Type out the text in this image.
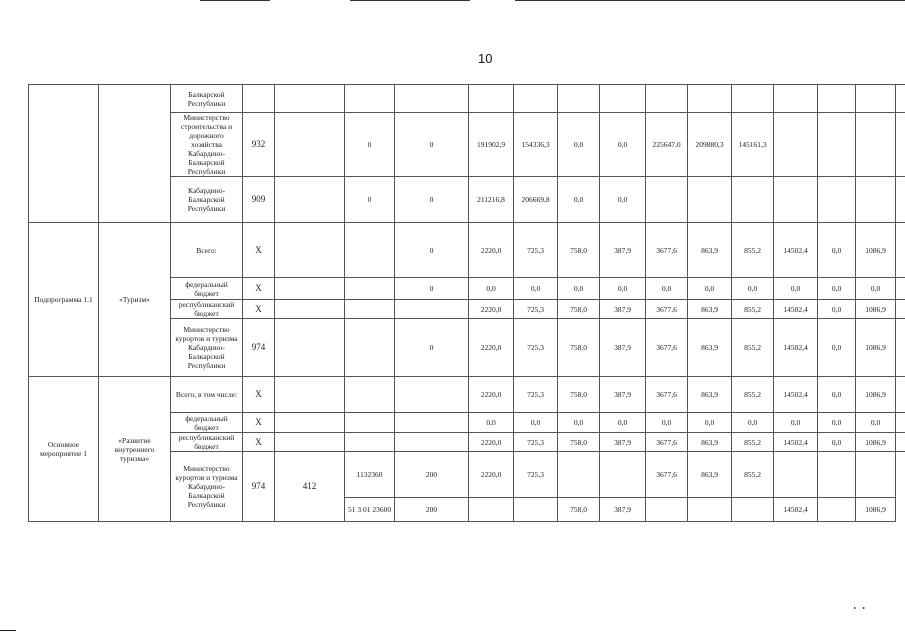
10
		Балкарской Республики															
		Министерство строительства и дорожного хозяйства Кабардино-Балкарской Республики	932		0	0	191902,9	154336,3	0,0	0,0	225647,0	209880,3	145161,3				
		Кабардино-Балкарской Республики	909		0	0	211216,8	206669,8	0,0	0,0							
Подпрограмма 1.1	«Туризм»	Всего:	X			0	2220,0	725,3	758,0	387,9	3677,6	863,9	855,2	14502,4	0,0	1086,9	
		федеральный бюджет	X			0	0,0	0,0	0,0	0,0	0,0	0,0	0,0	0,0	0,0	0,0	
		республиканский бюджет	X				2220,0	725,3	758,0	387,9	3677,6	863,9	855,2	14502,4	0,0	1086,9	
		Министерство курортов и туризма Кабардино-Балкарской Республики	974			0	2220,0	725,3	758,0	387,9	3677,6	863,9	855,2	14502,4	0,0	1086,9	
Основное мероприятие 1	«Развитие внутреннего туризма»	Всего, в том числе:	X				2220,0	725,3	758,0	387,9	3677,6	863,9	855,2	14502,4	0,0	1086,9	
		федеральный бюджет	X				0,0	0,0	0,0	0,0	0,0	0,0	0,0	0,0	0,0	0,0	
		республиканский бюджет	X				2220,0	725,3	758,0	387,9	3677,6	863,9	855,2	14502,4	0,0	1086,9	
		Министерство курортов и туризма Кабардино-Балкарской Республики	974	412	1132360	200	2220,0	725,3			3677,6	863,9	855,2				
					51 3 01 23600	200			758,0	387,9				14502,4		1086,9	
•   •
